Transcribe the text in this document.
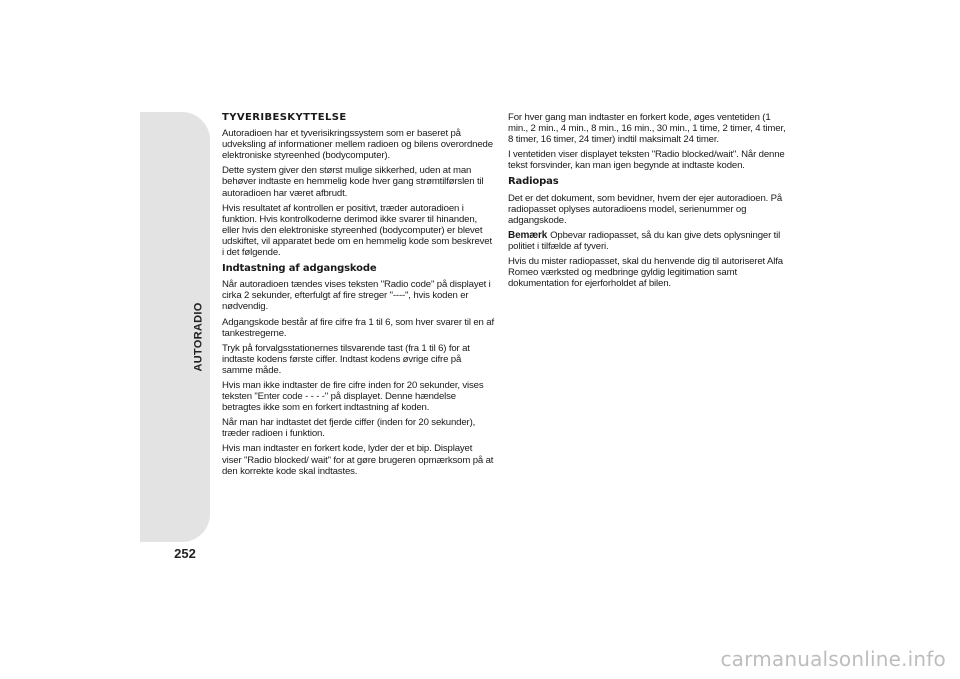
AUTORADIO
252
TYVERIBESKYTTELSE

Autoradioen har et tyverisikringssystem som er baseret på udveksling af informationer mellem radioen og bilens overordnede elektroniske styreenhed (bodycomputer).

Dette system giver den størst mulige sikkerhed, uden at man behøver indtaste en hemmelig kode hver gang strømtilførslen til autoradioen har været afbrudt.

Hvis resultatet af kontrollen er positivt, træder autoradioen i funktion. Hvis kontrolkoderne derimod ikke svarer til hinanden, eller hvis den elektroniske styreenhed (bodycomputer) er blevet udskiftet, vil apparatet bede om en hemmelig kode som beskrevet i det følgende.

Indtastning af adgangskode

Når autoradioen tændes vises teksten "Radio code" på displayet i cirka 2 sekunder, efterfulgt af fire streger "----", hvis koden er nødvendig.

Adgangskode består af fire cifre fra 1 til 6, som hver svarer til en af tankestregerne.

Tryk på forvalgsstationernes tilsvarende tast (fra 1 til 6) for at indtaste kodens første ciffer. Indtast kodens øvrige cifre på samme måde.

Hvis man ikke indtaster de fire cifre inden for 20 sekunder, vises teksten "Enter code - - - -" på displayet. Denne hændelse betragtes ikke som en forkert indtastning af koden.

Når man har indtastet det fjerde ciffer (inden for 20 sekunder), træder radioen i funktion.

Hvis man indtaster en forkert kode, lyder der et bip. Displayet viser "Radio blocked/ wait" for at gøre brugeren opmærksom på at den korrekte kode skal indtastes.

For hver gang man indtaster en forkert kode, øges ventetiden (1 min., 2 min., 4 min., 8 min., 16 min., 30 min., 1 time, 2 timer, 4 timer, 8 timer, 16 timer, 24 timer) indtil maksimalt 24 timer.

I ventetiden viser displayet teksten "Radio blocked/wait". Når denne tekst forsvinder, kan man igen begynde at indtaste koden.

Radiopas

Det er det dokument, som bevidner, hvem der ejer autoradioen. På radiopasset oplyses autoradioens model, serienummer og adgangskode.

Bemærk Opbevar radiopasset, så du kan give dets oplysninger til politiet i tilfælde af tyveri.

Hvis du mister radiopasset, skal du henvende dig til autoriseret Alfa Romeo værksted og medbringe gyldig legitimation samt dokumentation for ejerforholdet af bilen.

carmanualsonline.info
